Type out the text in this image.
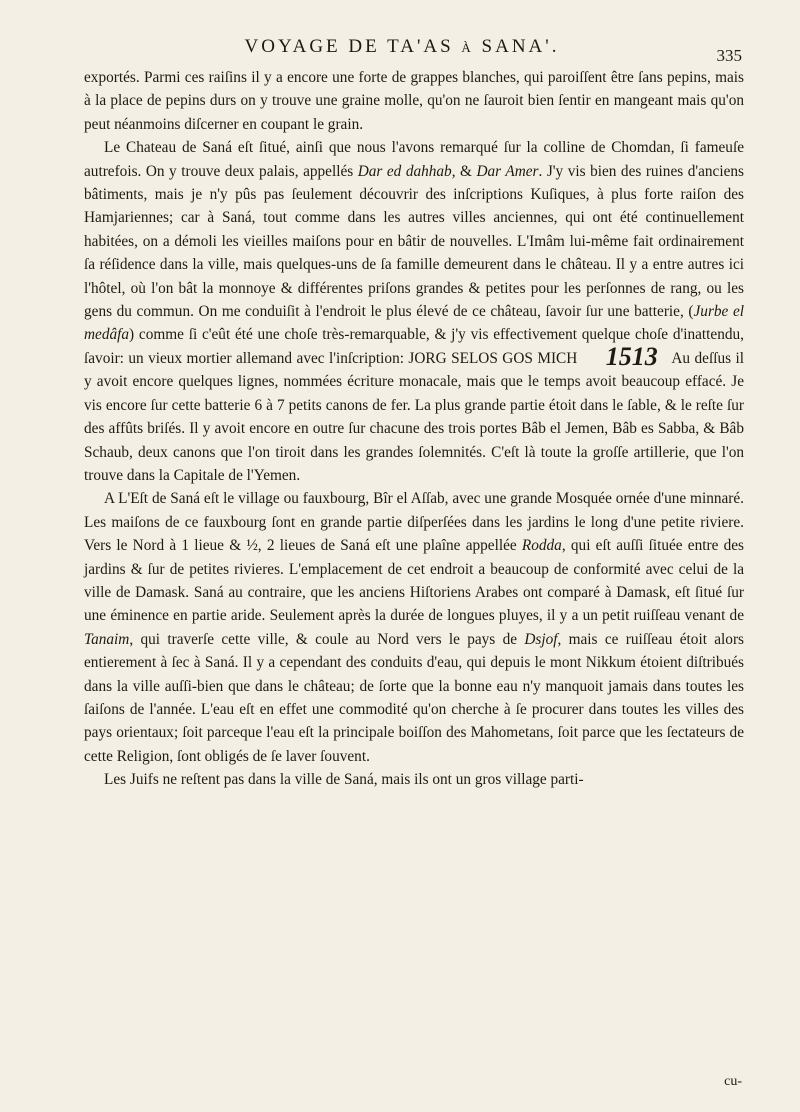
VOYAGE DE TA'AS à SANA'.	335

exportés. Parmi ces raiſins il y a encore une forte de grappes blanches, qui paroiſſent être ſans pepins, mais à la place de pepins durs on y trouve une graine molle, qu'on ne ſauroit bien ſentir en mangeant mais qu'on peut néanmoins diſcerner en coupant le grain.

Le Chateau de Saná eſt ſitué, ainſi que nous l'avons remarqué ſur la colline de Chomdan, ſi fameuſe autrefois. On y trouve deux palais, appellés Dar ed dahhab, & Dar Amer. J'y vis bien des ruines d'anciens bâtiments, mais je n'y pûs pas ſeulement découvrir des inſcriptions Kuſiques, à plus forte raiſon des Hamjariennes; car à Saná, tout comme dans les autres villes anciennes, qui ont été continuellement habitées, on a démoli les vieilles maiſons pour en bâtir de nouvelles. L'Imâm lui-même fait ordinairement ſa réſidence dans la ville, mais quelques-uns de ſa famille demeurent dans le château. Il y a entre autres ici l'hôtel, où l'on bât la monnoye & différentes priſons grandes & petites pour les perſonnes de rang, ou les gens du commun. On me conduiſit à l'endroit le plus élevé de ce château, ſavoir ſur une batterie, (Jurbe el medâfa) comme ſi c'eût été une choſe très-remarquable, & j'y vis effectivement quelque choſe d'inattendu, ſavoir: un vieux mortier allemand avec l'inſcription: JORG SELOS GOS MICH 1513 Au deſſus il y avoit encore quelques lignes, nommées écriture monacale, mais que le temps avoit beaucoup effacé. Je vis encore ſur cette batterie 6 à 7 petits canons de fer. La plus grande partie étoit dans le ſable, & le reſte ſur des affûts briſés. Il y avoit encore en outre ſur chacune des trois portes Bâb el Jemen, Bâb es Sabba, & Bâb Schaub, deux canons que l'on tiroit dans les grandes ſolemnités. C'eſt là toute la groſſe artillerie, que l'on trouve dans la Capitale de l'Yemen.

A L'Eſt de Saná eſt le village ou fauxbourg, Bîr el Aſſab, avec une grande Mosquée ornée d'une minnaré. Les maiſons de ce fauxbourg ſont en grande partie diſperſées dans les jardins le long d'une petite riviere. Vers le Nord à 1 lieue & ½, 2 lieues de Saná eſt une plaîne appellée Rodda, qui eſt auſſi ſituée entre des jardins & ſur de petites rivieres. L'emplacement de cet endroit a beaucoup de conformité avec celui de la ville de Damask. Saná au contraire, que les anciens Hiſtoriens Arabes ont comparé à Damask, eſt ſitué ſur une éminence en partie aride. Seulement après la durée de longues pluyes, il y a un petit ruiſſeau venant de Tanaim, qui traverſe cette ville, & coule au Nord vers le pays de Dsjof, mais ce ruiſſeau étoit alors entierement à ſec à Saná. Il y a cependant des conduits d'eau, qui depuis le mont Nikkum étoient diſtribués dans la ville auſſi-bien que dans le château; de ſorte que la bonne eau n'y manquoit jamais dans toutes les ſaiſons de l'année. L'eau eſt en effet une commodité qu'on cherche à ſe procurer dans toutes les villes des pays orientaux; ſoit parceque l'eau eſt la principale boiſſon des Mahometans, ſoit parce que les ſectateurs de cette Religion, ſont obligés de ſe laver ſouvent.

Les Juifs ne reſtent pas dans la ville de Saná, mais ils ont un gros village parti-

cu-
